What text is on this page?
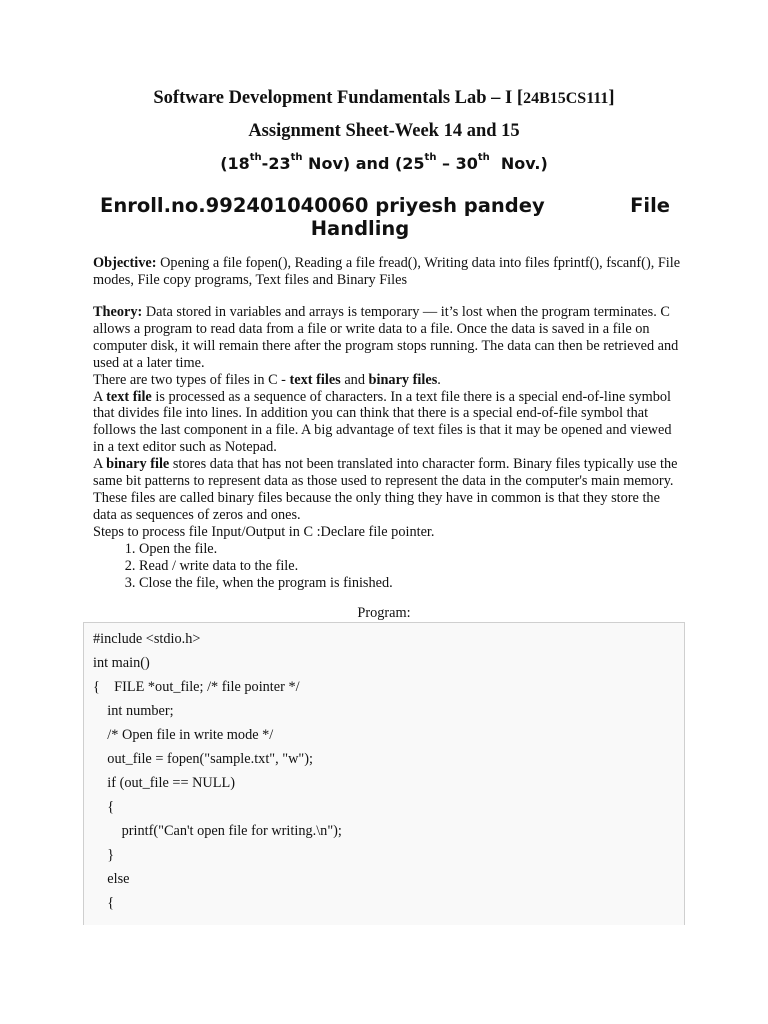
Software Development Fundamentals Lab – I [24B15CS111]
Assignment Sheet-Week 14 and 15
(18th-23th Nov) and (25th – 30th  Nov.)
Enroll.no.992401040060 priyesh pandey	File
Handling
Objective: Opening a file fopen(), Reading a file fread(), Writing data into files fprintf(), fscanf(), File modes, File copy programs, Text files and Binary Files

Theory: Data stored in variables and arrays is temporary — it’s lost when the program terminates. C allows a program to read data from a file or write data to a file. Once the data is saved in a file on computer disk, it will remain there after the program stops running. The data can then be retrieved and used at a later time.

There are two types of files in C - text files and binary files.

A text file is processed as a sequence of characters. In a text file there is a special end-of-line symbol that divides file into lines. In addition you can think that there is a special end-of-file symbol that follows the last component in a file. A big advantage of text files is that it may be opened and viewed in a text editor such as Notepad.

A binary file stores data that has not been translated into character form. Binary files typically use the same bit patterns to represent data as those used to represent the data in the computer's main memory. These files are called binary files because the only thing they have in common is that they store the data as sequences of zeros and ones.

Steps to process file Input/Output in C :Declare file pointer.

1. Open the file.
2. Read / write data to the file.
3. Close the file, when the program is finished.
Program:
#include <stdio.h>
int main()
{    FILE *out_file; /* file pointer */
int number;
/* Open file in write mode */
out_file = fopen("sample.txt", "w");
if (out_file == NULL)
{
printf("Can't open file for writing.\n");
}
else
{
